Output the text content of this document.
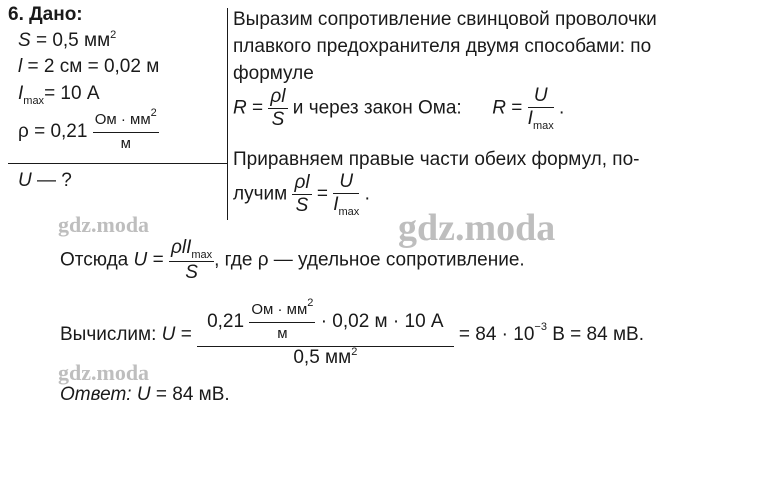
6. Дано:
S = 0,5 $мм^2$
l = 2 см = 0,02 м
$I_{max}= 10$ А
$\rho = 0,21 \frac{Ом \cdot мм^2}{м}$
U — ?
Выразим сопротивление свинцовой проволочки
плавкого предохранителя двумя способами: по
формуле
$R = \frac{\rho l}{S}$ и через закон Ома: $R = \frac{U}{I_{max}}$ .
Приравняем правые части обеих формул, по-
лучим $\frac{\rho l}{S} = \frac{U}{I_{max}}$ .
Отсюда $U = \frac{\rho lI_{max}}{S}$ , где ρ — удельное сопротивление.
Вычислим: U =
$0,21 \frac{Ом \cdot мм^2}{м} \cdot 0,02$ м · 10 А
0,5 $мм^2$
= $84 \cdot 10^{-3}$ В = 84 мВ.
Ответ: U = 84 мВ.
gdz.moda
gdz.moda
gdz.moda
